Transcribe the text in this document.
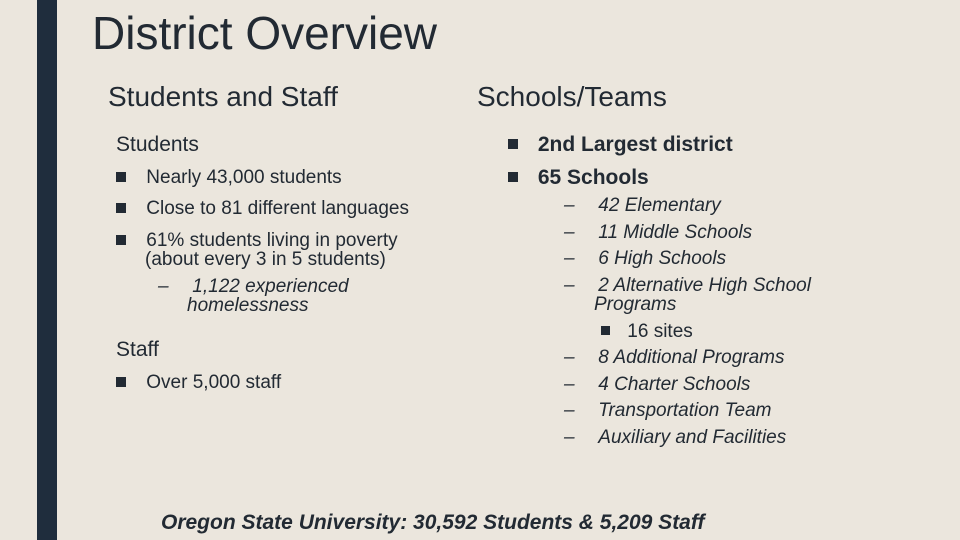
District Overview
Students and Staff
Students
Nearly 43,000 students
Close to 81 different languages
61% students living in poverty
(about every 3 in 5 students)
– 1,122 experienced
homelessness
Staff
Over 5,000 staff
Schools/Teams
2nd Largest district
65 Schools
– 42 Elementary
– 11 Middle Schools
– 6 High Schools
– 2 Alternative High School
Programs
16 sites
– 8 Additional Programs
– 4 Charter Schools
– Transportation Team
– Auxiliary and Facilities
Oregon State University: 30,592 Students & 5,209 Staff
